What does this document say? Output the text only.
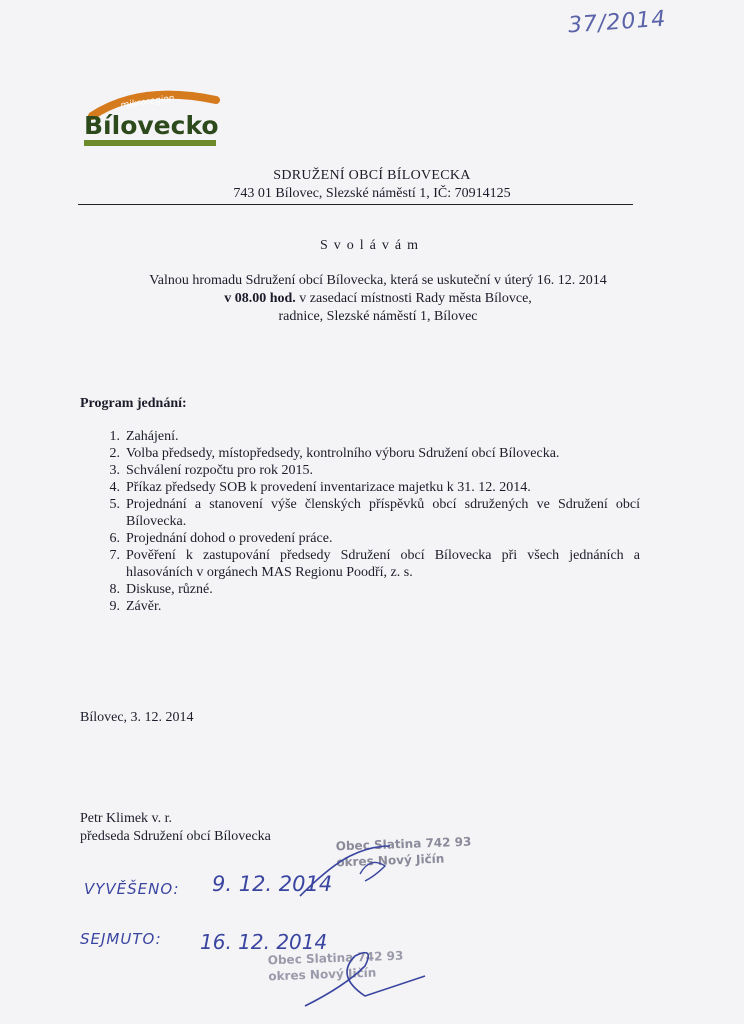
37/2014
mikroregion
Bílovecko
SDRUŽENÍ OBCÍ BÍLOVECKA
743 01 Bílovec, Slezské náměstí 1, IČ: 70914125
Svolávám
Valnou hromadu Sdružení obcí Bílovecka, která se uskuteční v úterý 16. 12. 2014
v 08.00 hod. v zasedací místnosti Rady města Bílovce,
radnice, Slezské náměstí 1, Bílovec
Program jednání:
1. Zahájení.
2. Volba předsedy, místopředsedy, kontrolního výboru Sdružení obcí Bílovecka.
3. Schválení rozpočtu pro rok 2015.
4. Příkaz předsedy SOB k provedení inventarizace majetku k 31. 12. 2014.
5. Projednání a stanovení výše členských příspěvků obcí sdružených ve Sdružení obcí Bílovecka.
6. Projednání dohod o provedení práce.
7. Pověření k zastupování předsedy Sdružení obcí Bílovecka při všech jednáních a hlasováních v orgánech MAS Regionu Poodří, z. s.
8. Diskuse, různé.
9. Závěr.
Bílovec, 3. 12. 2014
Petr Klimek v. r.
předseda Sdružení obcí Bílovecka	Obec Slatina 742 93
okres Nový Jičín
Obec Slatina 742 93
okres Nový Jičín
VYVĚŠENO: 9. 12. 2014
SEJMUTO: 16. 12. 2014
